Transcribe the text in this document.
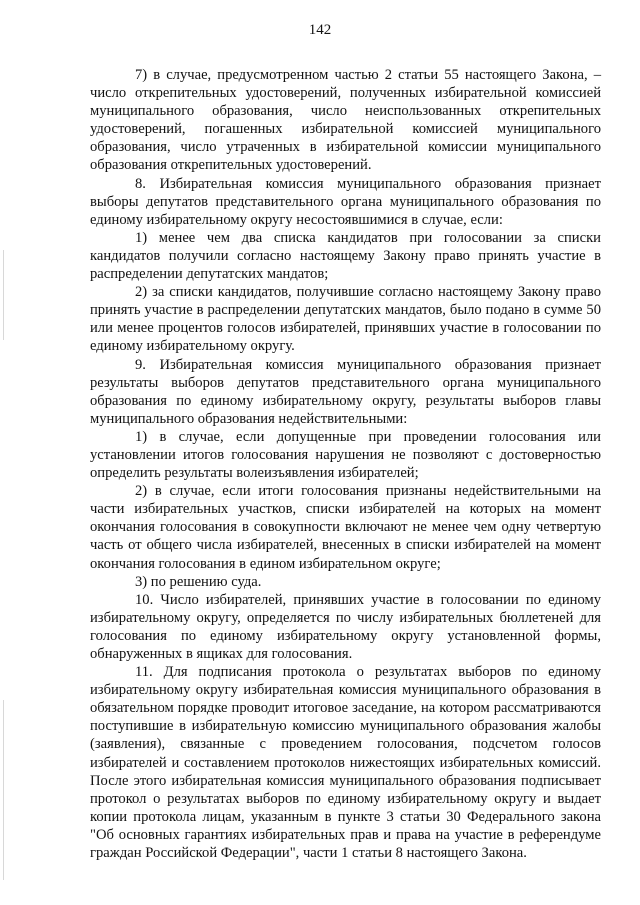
142

7) в случае, предусмотренном частью 2 статьи 55 настоящего Закона, – число открепительных удостоверений, полученных избирательной комиссией муниципального образования, число неиспользованных открепительных удостоверений, погашенных избирательной комиссией муниципального образования, число утраченных в избирательной комиссии муниципального образования открепительных удостоверений.

8. Избирательная комиссия муниципального образования признает выборы депутатов представительного органа муниципального образования по единому избирательному округу несостоявшимися в случае, если:

1) менее чем два списка кандидатов при голосовании за списки кандидатов получили согласно настоящему Закону право принять участие в распределении депутатских мандатов;

2) за списки кандидатов, получившие согласно настоящему Закону право принять участие в распределении депутатских мандатов, было подано в сумме 50 или менее процентов голосов избирателей, принявших участие в голосовании по единому избирательному округу.

9. Избирательная комиссия муниципального образования признает результаты выборов депутатов представительного органа муниципального образования по единому избирательному округу, результаты выборов главы муниципального образования недействительными:

1) в случае, если допущенные при проведении голосования или установлении итогов голосования нарушения не позволяют с достоверностью определить результаты волеизъявления избирателей;

2) в случае, если итоги голосования признаны недействительными на части избирательных участков, списки избирателей на которых на момент окончания голосования в совокупности включают не менее чем одну четвертую часть от общего числа избирателей, внесенных в списки избирателей на момент окончания голосования в едином избирательном округе;

3) по решению суда.

10. Число избирателей, принявших участие в голосовании по единому избирательному округу, определяется по числу избирательных бюллетеней для голосования по единому избирательному округу установленной формы, обнаруженных в ящиках для голосования.

11. Для подписания протокола о результатах выборов по единому избирательному округу избирательная комиссия муниципального образования в обязательном порядке проводит итоговое заседание, на котором рассматриваются поступившие в избирательную комиссию муниципального образования жалобы (заявления), связанные с проведением голосования, подсчетом голосов избирателей и составлением протоколов нижестоящих избирательных комиссий. После этого избирательная комиссия муниципального образования подписывает протокол о результатах выборов по единому избирательному округу и выдает копии протокола лицам, указанным в пункте 3 статьи 30 Федерального закона "Об основных гарантиях избирательных прав и права на участие в референдуме граждан Российской Федерации", части 1 статьи 8 настоящего Закона.
